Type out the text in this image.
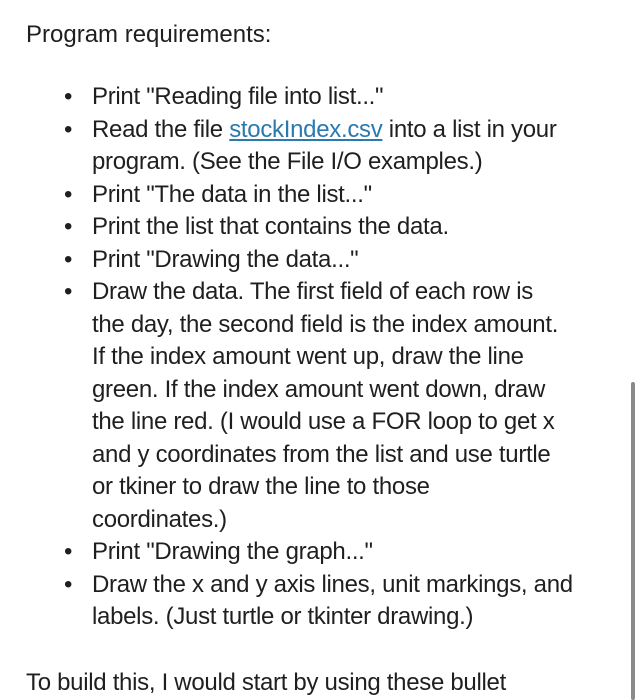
Program requirements:
• Print "Reading file into list..."
• Read the file stockIndex.csv into a list in your
program. (See the File I/O examples.)
• Print "The data in the list..."
• Print the list that contains the data.
• Print "Drawing the data..."
• Draw the data. The first field of each row is
the day, the second field is the index amount.
If the index amount went up, draw the line
green. If the index amount went down, draw
the line red. (I would use a FOR loop to get x
and y coordinates from the list and use turtle
or tkiner to draw the line to those
coordinates.)
• Print "Drawing the graph..."
• Draw the x and y axis lines, unit markings, and
labels. (Just turtle or tkinter drawing.)

To build this, I would start by using these bullet
